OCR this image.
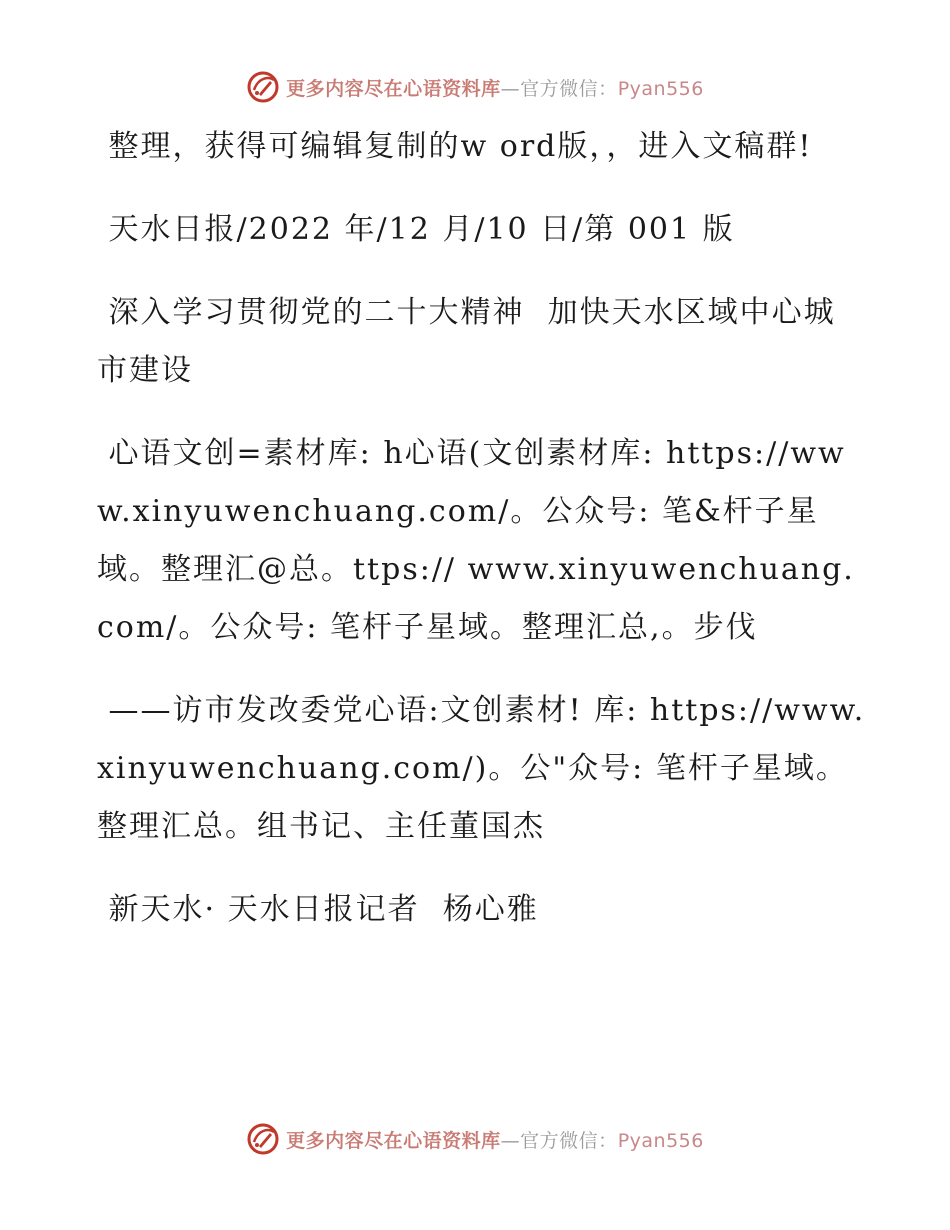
更多内容尽在心语资料库—官方微信：Pyan556

整理，获得可编辑复制的w ord版，，进入文稿群!

天水日报/2022 年/12 月/10 日/第 001 版

深入学习贯彻党的二十大精神  加快天水区域中心城市建设

心语文创=素材库: h心语(文创素材库: https://www.xinyuwenchuang.com/。公众号: 笔&杆子星域。整理汇@总。ttps:// www.xinyuwenchuang.com/。公众号: 笔杆子星域。整理汇总,。步伐

——访市发改委党心语:文创素材! 库: https://www.xinyuwenchuang.com/)。公"众号: 笔杆子星域。整理汇总。组书记、主任董国杰

新天水· 天水日报记者  杨心雅

更多内容尽在心语资料库—官方微信：Pyan556
